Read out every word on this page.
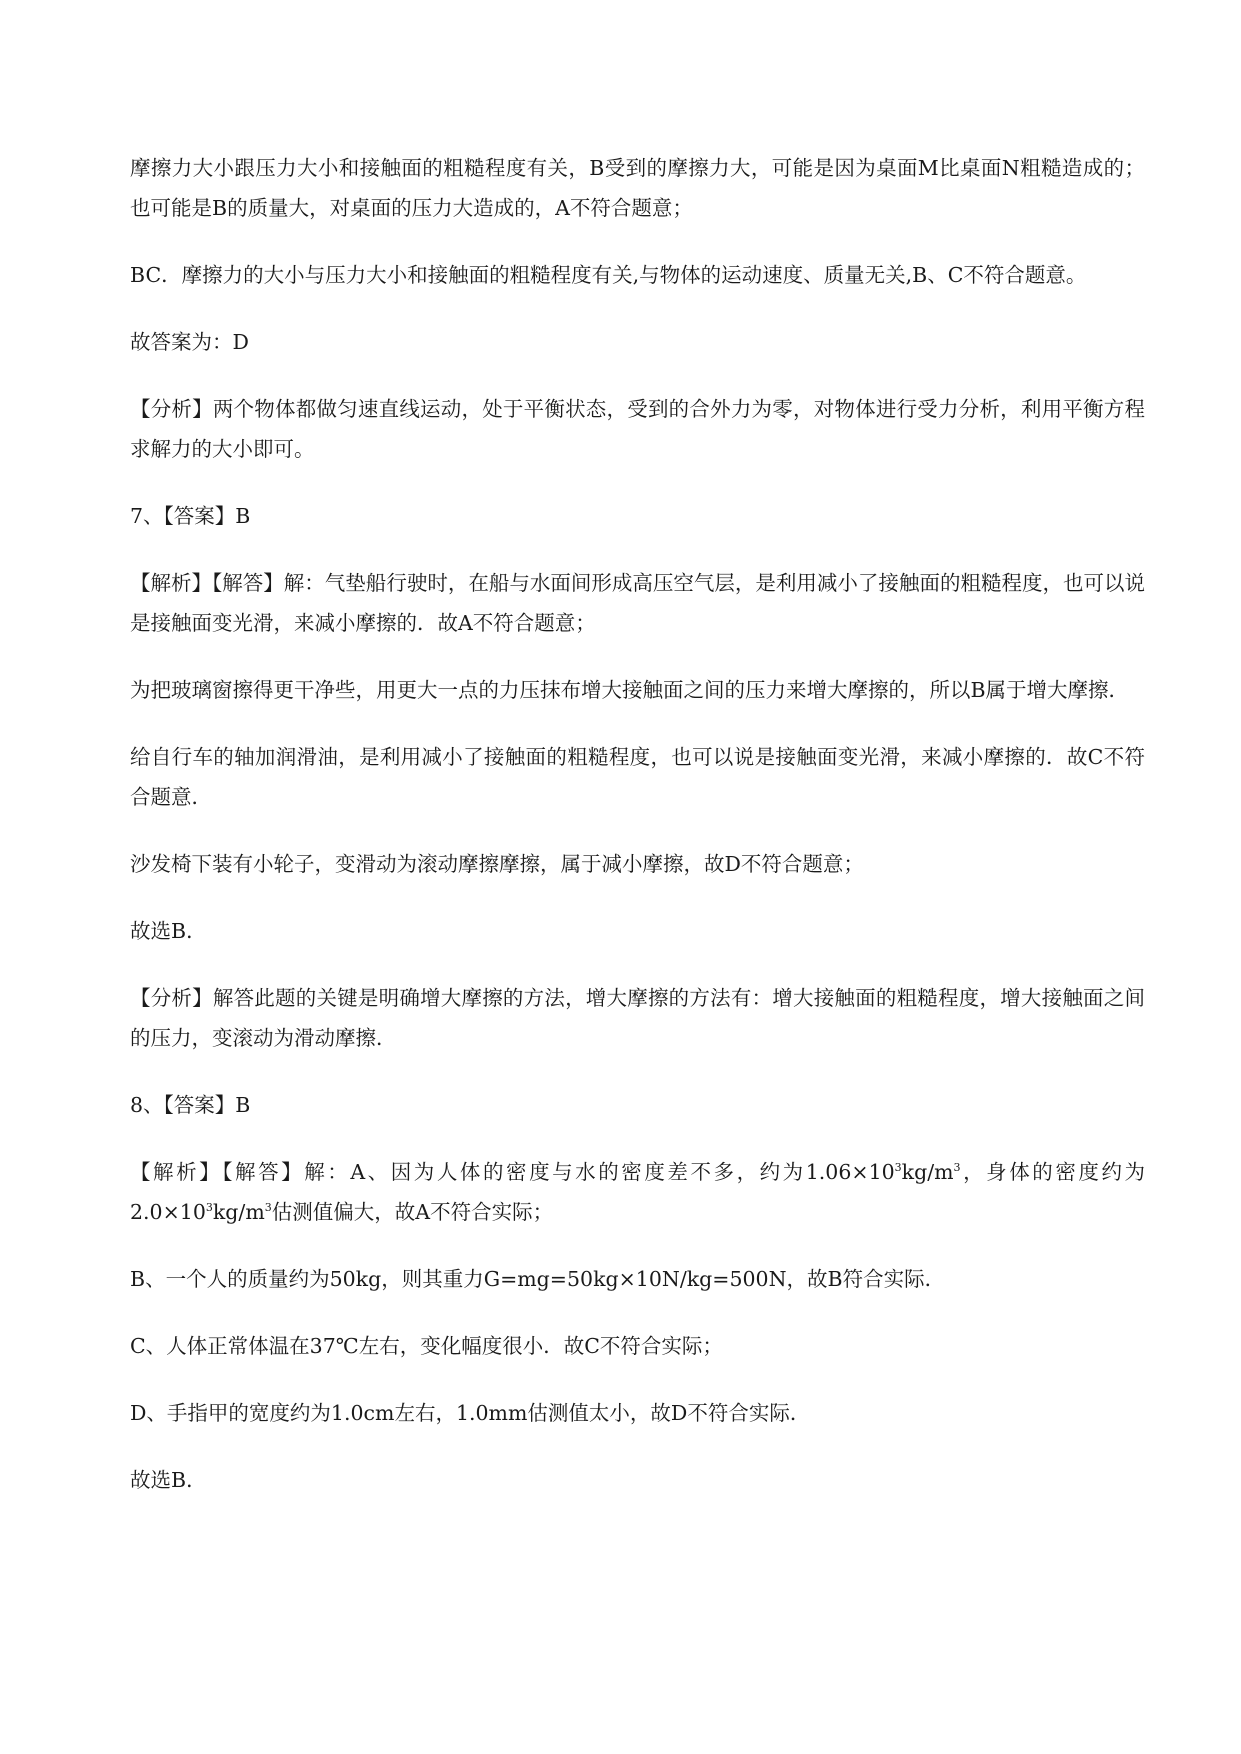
摩擦力大小跟压力大小和接触面的粗糙程度有关，B受到的摩擦力大，可能是因为桌面M比桌面N粗糙造成的；也可能是B的质量大，对桌面的压力大造成的，A不符合题意；

BC．摩擦力的大小与压力大小和接触面的粗糙程度有关,与物体的运动速度、质量无关,B、C不符合题意。

故答案为：D

【分析】两个物体都做匀速直线运动，处于平衡状态，受到的合外力为零，对物体进行受力分析，利用平衡方程求解力的大小即可。

7、【答案】B

【解析】【解答】解：气垫船行驶时，在船与水面间形成高压空气层，是利用减小了接触面的粗糙程度，也可以说是接触面变光滑，来减小摩擦的．故A不符合题意；

为把玻璃窗擦得更干净些，用更大一点的力压抹布增大接触面之间的压力来增大摩擦的，所以B属于增大摩擦．

给自行车的轴加润滑油，是利用减小了接触面的粗糙程度，也可以说是接触面变光滑，来减小摩擦的．故C不符合题意．

沙发椅下装有小轮子，变滑动为滚动摩擦摩擦，属于减小摩擦，故D不符合题意；

故选B．

【分析】解答此题的关键是明确增大摩擦的方法，增大摩擦的方法有：增大接触面的粗糙程度，增大接触面之间的压力，变滚动为滑动摩擦．

8、【答案】B

【解析】【解答】解：A、因为人体的密度与水的密度差不多，约为$1.06\times 10^3kg/m^3$，身体的密度约为$2.0\times 10^3kg/m^3$估测值偏大，故A不符合实际；

B、一个人的质量约为50kg，则其重力G=mg=50kg×10N/kg=500N，故B符合实际．

C、人体正常体温在37℃左右，变化幅度很小．故C不符合实际；

D、手指甲的宽度约为1.0cm左右，1.0mm估测值太小，故D不符合实际．

故选B．
